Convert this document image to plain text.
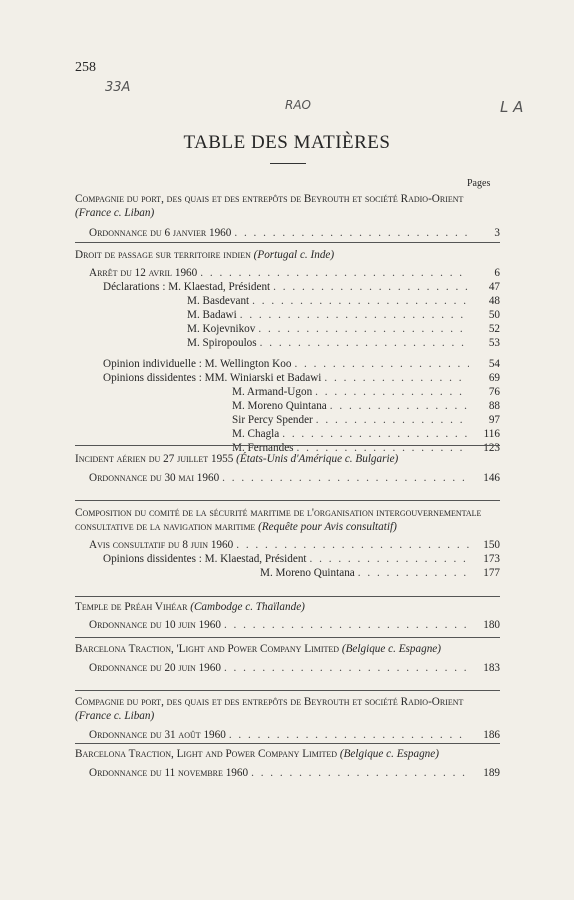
258
33A
RAO	L A
TABLE DES MATIÈRES
Pages
Compagnie du port, des quais et des entrepôts de Beyrouth et société Radio-Orient (France c. Liban)
Ordonnance du 6 janvier 1960 . . .	3
Droit de passage sur territoire indien (Portugal c. Inde)
Arrêt du 12 avril 1960 . . .	6
Déclarations : M. Klaestad, Président . . .	47
M. Basdevant . . .	48
M. Badawi . . .	50
M. Kojevnikov . . .	52
M. Spiropoulos . . .	53
Opinion individuelle : M. Wellington Koo . . .	54
Opinions dissidentes : MM. Winiarski et Badawi . . .	69
M. Armand-Ugon . . .	76
M. Moreno Quintana . . .	88
Sir Percy Spender . . .	97
M. Chagla . . .	116
M. Fernandes . . .	123
Incident aérien du 27 juillet 1955 (États-Unis d'Amérique c. Bulgarie)
Ordonnance du 30 mai 1960 . . .	146
Composition du comité de la sécurité maritime de l'organisation intergouvernementale consultative de la navigation maritime (Requête pour Avis consultatif)
Avis consultatif du 8 juin 1960 . . .	150
Opinions dissidentes : M. Klaestad, Président . . .	173
M. Moreno Quintana . . .	177
Temple de Préah Vihéar (Cambodge c. Thaïlande)
Ordonnance du 10 juin 1960 . . .	180
Barcelona Traction, 'Light and Power Company Limited (Belgique c. Espagne)
Ordonnance du 20 juin 1960 . . .	183
Compagnie du port, des quais et des entrepôts de Beyrouth et société Radio-Orient (France c. Liban)
Ordonnance du 31 août 1960 . . .	186
Barcelona Traction, Light and Power Company Limited (Belgique c. Espagne)
Ordonnance du 11 novembre 1960 . . .	189
